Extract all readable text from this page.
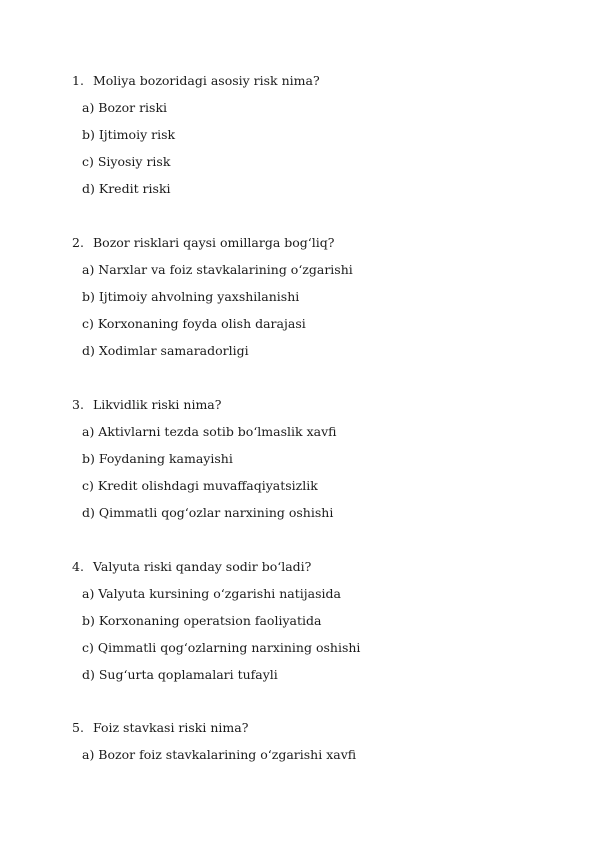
1. Moliya bozoridagi asosiy risk nima?

a) Bozor riski

b) Ijtimoiy risk

c) Siyosiy risk

d) Kredit riski

2. Bozor risklari qaysi omillarga bog‘liq?

a) Narxlar va foiz stavkalarining o‘zgarishi

b) Ijtimoiy ahvolning yaxshilanishi

c) Korxonaning foyda olish darajasi

d) Xodimlar samaradorligi

3. Likvidlik riski nima?

a) Aktivlarni tezda sotib bo‘lmaslik xavfi

b) Foydaning kamayishi

c) Kredit olishdagi muvaffaqiyatsizlik

d) Qimmatli qog‘ozlar narxining oshishi

4. Valyuta riski qanday sodir bo‘ladi?

a) Valyuta kursining o‘zgarishi natijasida

b) Korxonaning operatsion faoliyatida

c) Qimmatli qog‘ozlarning narxining oshishi

d) Sug‘urta qoplamalari tufayli

5. Foiz stavkasi riski nima?

a) Bozor foiz stavkalarining o‘zgarishi xavfi
